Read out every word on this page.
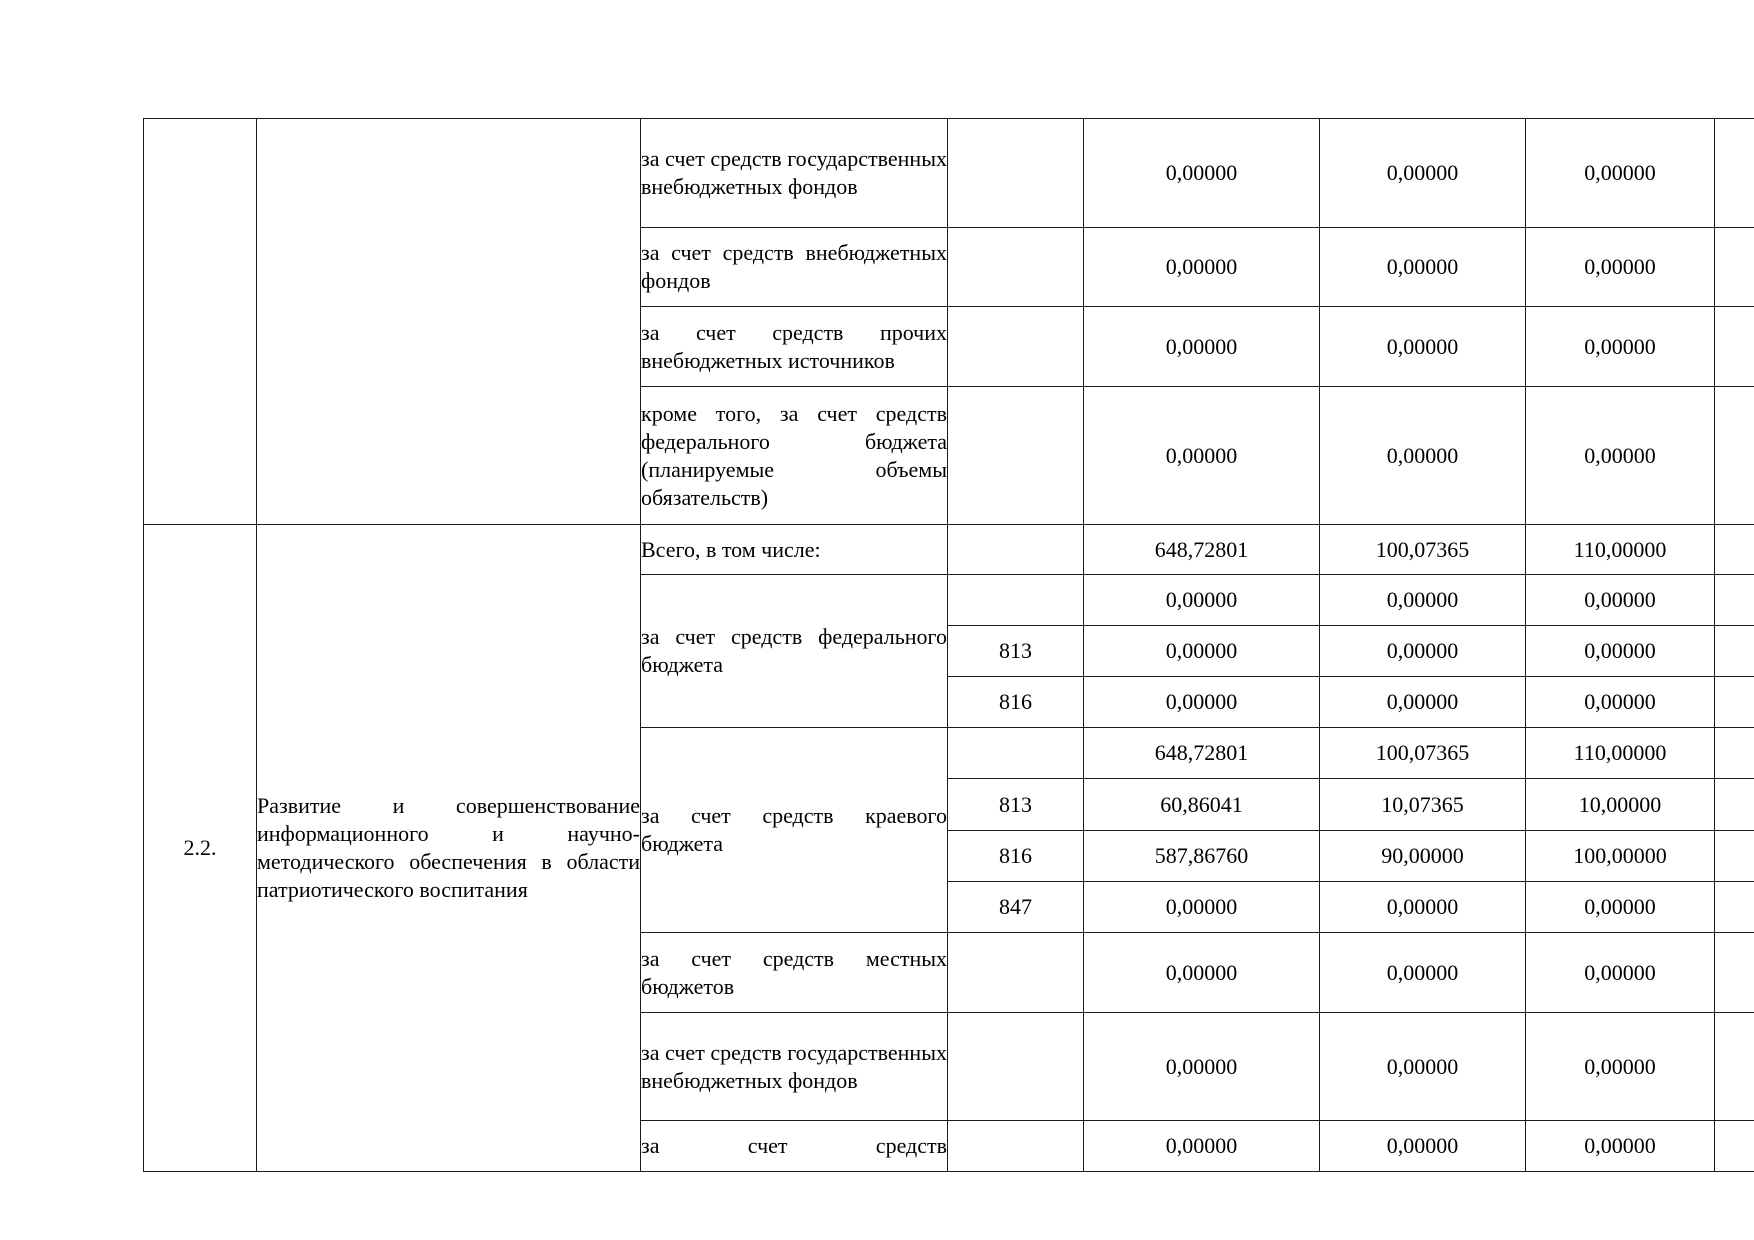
		за счет средств государственных внебюджетных фондов		0,00000	0,00000	0,00000	
		за счет средств внебюджетных фондов		0,00000	0,00000	0,00000	
		за счет средств прочих внебюджетных источников		0,00000	0,00000	0,00000	
		кроме того, за счет средств федерального бюджета (планируемые объемы обязательств)		0,00000	0,00000	0,00000	
2.2.	Развитие и совершенствование информационного и научно-методического обеспечения в области патриотического воспитания	Всего, в том числе:		648,72801	100,07365	110,00000	
		за счет средств федерального бюджета		0,00000	0,00000	0,00000	
			813	0,00000	0,00000	0,00000	
			816	0,00000	0,00000	0,00000	
		за счет средств краевого бюджета		648,72801	100,07365	110,00000	
			813	60,86041	10,07365	10,00000	
			816	587,86760	90,00000	100,00000	
			847	0,00000	0,00000	0,00000	
		за счет средств местных бюджетов		0,00000	0,00000	0,00000	
		за счет средств государственных внебюджетных фондов		0,00000	0,00000	0,00000	
		за счет средств		0,00000	0,00000	0,00000	
